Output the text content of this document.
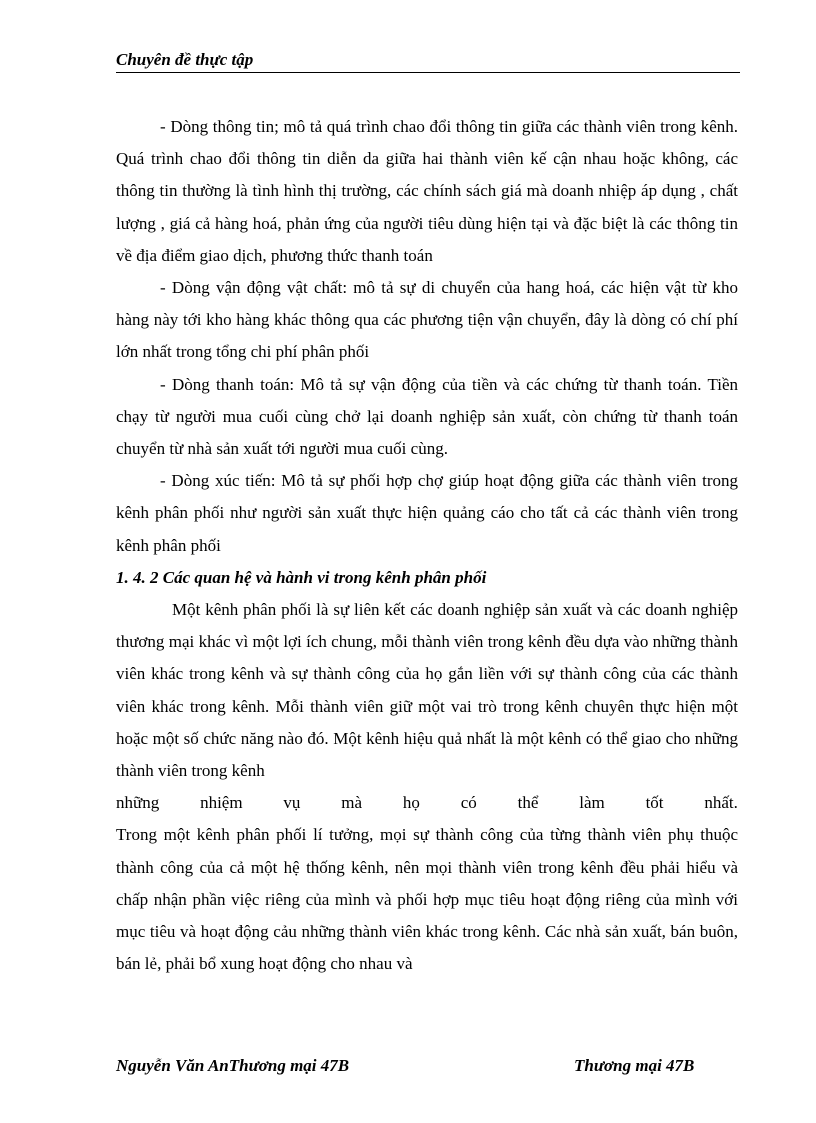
Chuyên đề thực tập

- Dòng thông tin; mô tả quá trình chao đổi thông tin giữa các thành viên trong kênh. Quá trình chao đổi thông tin diễn da giữa hai thành viên kế cận nhau hoặc không, các thông tin thường là tình hình thị trường, các chính sách giá mà doanh nhiệp áp dụng , chất lượng , giá cả hàng hoá, phản ứng của người tiêu dùng hiện tại và đặc biệt là các thông tin về địa điểm giao dịch, phương thức thanh toán

- Dòng vận động vật chất: mô tả sự di chuyển của hang hoá, các hiện vật từ kho hàng này tới kho hàng khác thông qua các phương tiện vận chuyển, đây là dòng có chí phí lớn nhất trong tổng chi phí phân phối

- Dòng thanh toán: Mô tả sự vận động của tiền và các chứng từ thanh toán. Tiền chạy từ người mua cuối cùng chở lại doanh nghiệp sản xuất, còn chứng từ thanh toán chuyển từ nhà sản xuất tới người mua cuối cùng.

- Dòng xúc tiến: Mô tả sự phối hợp chợ giúp hoạt động giữa các thành viên trong kênh phân phối như người sản xuất thực hiện quảng cáo cho tất cả các thành viên trong kênh phân phối

1. 4. 2 Các quan hệ và hành vi trong kênh phân phối

Một kênh phân phối là sự liên kết các doanh nghiệp sản xuất và các doanh nghiệp thương mại khác vì một lợi ích chung, mỗi thành viên trong kênh đều dựa vào những thành viên khác trong kênh và sự thành công của họ gắn liền với sự thành công của các thành viên khác trong kênh. Mỗi thành viên giữ một vai trò trong kênh chuyên thực hiện một hoặc một số chức năng nào đó. Một kênh hiệu quả nhất là một kênh có thể giao cho những thành viên trong kênh

những nhiệm vụ mà họ có thể làm tốt nhất.

Trong một kênh phân phối lí tưởng, mọi sự thành công của từng thành viên phụ thuộc thành công của cả một hệ thống kênh, nên mọi thành viên trong kênh đều phải hiểu và chấp nhận phần việc riêng của mình và phối hợp mục tiêu hoạt động riêng của mình với mục tiêu và hoạt động cảu những thành viên khác trong kênh. Các nhà sản xuất, bán buôn, bán lẻ, phải bổ xung hoạt động cho nhau và

Nguyễn Văn AnThương mại 47B	Thương mại 47B
